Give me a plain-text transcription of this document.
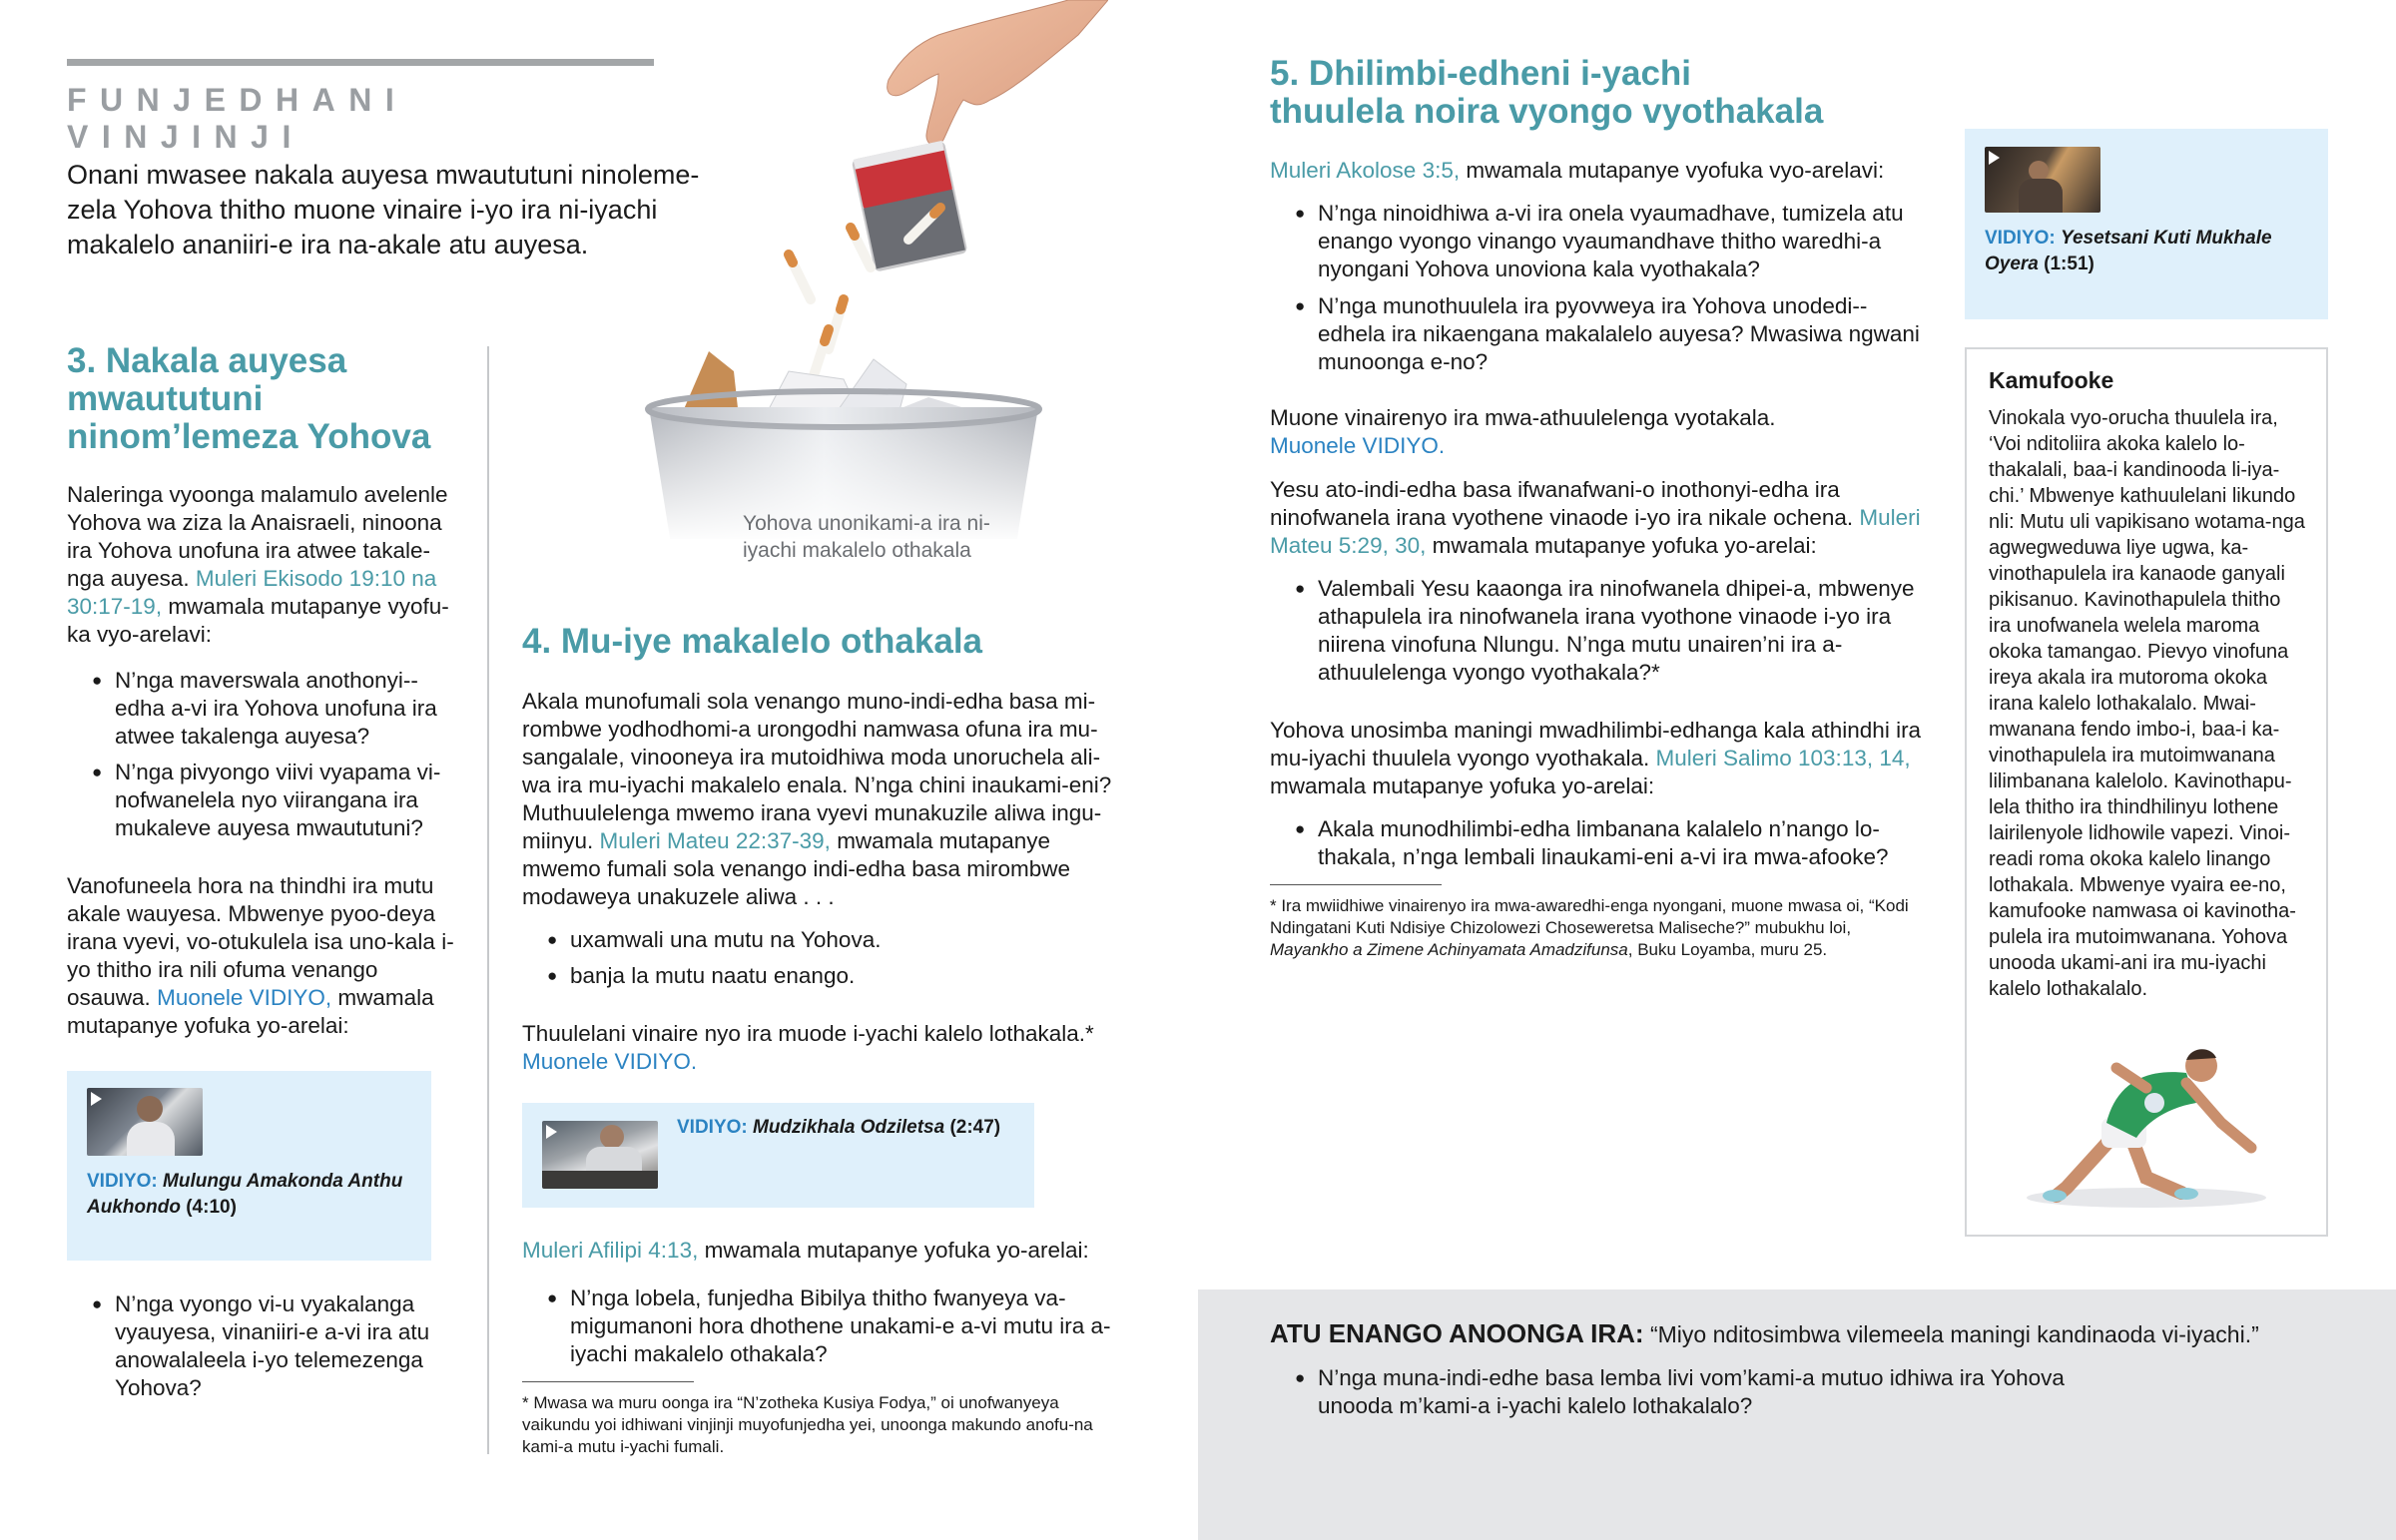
FUNJEDHANI VINJINJI

Onani mwasee nakala auyesa mwaututuni ninoleme-zela Yohova thitho muone vinaire i-yo ira ni-iyachi makalelo ananiiri-e ira na-akale atu auyesa.

Yohova unonikami-a ira ni-iyachi makalelo othakala
3. Nakala auyesa mwaututuni ninom’lemeza Yohova

Naleringa vyoonga malamulo avelenle Yohova wa ziza la Anaisraeli, ninoona ira Yohova unofuna ira atwee takale-nga auyesa. Muleri Ekisodo 19:10 na 30:17-19, mwamala mutapanye vyofu-ka vyo-arelavi:

● N’nga maverswala anothonyi--edha a-vi ira Yohova unofuna ira atwee takalenga auyesa?
● N’nga pivyongo viivi vyapama vi-nofwanelela nyo viirangana ira mukaleve auyesa mwaututuni?

Vanofuneela hora na thindhi ira mutu akale wauyesa. Mbwenye pyoo-deya irana vyevi, vo-otukulela isa uno-kala i-yo thitho ira nili ofuma venango osauwa. Muonele VIDIYO, mwamala mutapanye yofuka yo-arelai:

VIDIYO: Mulungu Amakonda Anthu Aukhondo (4:10)
● N’nga vyongo vi-u vyakalanga vyauyesa, vinaniiri-e a-vi ira atu anowalaleela i-yo telemezenga Yohova?
4. Mu-iye makalelo othakala

Akala munofumali sola venango muno-indi-edha basa mi-rombwe yodhodhomi-a urongodhi namwasa ofuna ira mu-sangalale, vinooneya ira mutoidhiwa moda unoruchela ali-wa ira mu-iyachi makalelo enala. N’nga chini inaukami-eni? Muthuulelenga mwemo irana vyevi munakuzile aliwa ingu-miinyu. Muleri Mateu 22:37-39, mwamala mutapanye mwemo fumali sola venango indi-edha basa mirombwe modaweya unakuzele aliwa . . .

● uxamwali una mutu na Yohova.
● banja la mutu naatu enango.

Thuulelani vinaire nyo ira muode i-yachi kalelo lothakala.*
Muonele VIDIYO.

VIDIYO: Mudzikhala Odziletsa (2:47)

Muleri Afilipi 4:13, mwamala mutapanye yofuka yo-arelai:

● N’nga lobela, funjedha Bibilya thitho fwanyeya va-migumanoni hora dhothene unakami-e a-vi mutu ira a-iyachi makalelo othakala?

* Mwasa wa muru oonga ira “N’zotheka Kusiya Fodya,” oi unofwanyeya vaikundu yoi idhiwani vinjinji muyofunjedha yei, unoonga makundo anofu-na kami-a mutu i-yachi fumali.

5. Dhilimbi-edheni i-yachi thuulela noira vyongo vyothakala

Muleri Akolose 3:5, mwamala mutapanye vyofuka vyo-arelavi:

● N’nga ninoidhiwa a-vi ira onela vyaumadhave, tumizela atu enango vyongo vinango vyaumandhave thitho waredhi-a nyongani Yohova unoviona kala vyothakala?
● N’nga munothuulela ira pyovweya ira Yohova unodedi--edhela ira nikaengana makalalelo auyesa? Mwasiwa ngwani munoonga e-no?

Muone vinairenyo ira mwa-athuulelenga vyotakala.
Muonele VIDIYO.

Yesu ato-indi-edha basa ifwanafwani-o inothonyi-edha ira ninofwanela irana vyothene vinaode i-yo ira nikale ochena. Muleri Mateu 5:29, 30, mwamala mutapanye yofuka yo-arelai:

● Valembali Yesu kaaonga ira ninofwanela dhipei-a, mbwenye athapulela ira ninofwanela irana vyothone vinaode i-yo ira niirena vinofuna Nlungu. N’nga mutu unairen’ni ira a-athuulelenga vyongo vyothakala?*

Yohova unosimba maningi mwadhilimbi-edhanga kala athindhi ira mu-iyachi thuulela vyongo vyothakala. Muleri Salimo 103:13, 14, mwamala mutapanye yofuka yo-arelai:

● Akala munodhilimbi-edha limbanana kalalelo n’nango lo-thakala, n’nga lembali linaukami-eni a-vi ira mwa-afooke?

* Ira mwiidhiwe vinairenyo ira mwa-awaredhi-enga nyongani, muone mwasa oi, “Kodi Ndingatani Kuti Ndisiye Chizolowezi Choseweretsa Maliseche?” mubukhu loi, Mayankho a Zimene Achinyamata Amadzifunsa, Buku Loyamba, muru 25.

VIDIYO: Yesetsani Kuti Mukhale Oyera (1:51)
Kamufooke

Vinokala vyo-orucha thuulela ira, ‘Voi nditoliira akoka kalelo lo-thakalali, baa-i kandinooda li-iya-chi.’ Mbwenye kathuulelani likundo nli: Mutu uli vapikisano wotama-nga agwegweduwa liye ugwa, ka-vinothapulela ira kanaode ganyali pikisanuo. Kavinothapulela thitho ira unofwanela welela maroma okoka tamangao. Pievyo vinofuna ireya akala ira mutoroma okoka irana kalelo lothakalalo. Mwai-mwanana fendo imbo-i, baa-i ka-vinothapulela ira mutoimwanana lilimbanana kalelolo. Kavinothapu-lela thitho ira thindhilinyu lothene lairilenyole lidhowile vapezi. Vinoi-readi roma okoka kalelo linango lothakala. Mbwenye vyaira ee-no, kamufooke namwasa oi kavinotha-pulela ira mutoimwanana. Yohova unooda ukami-ani ira mu-iyachi kalelo lothakalalo.

ATU ENANGO ANOONGA IRA: “Miyo nditosimbwa vilemeela maningi kandinaoda vi-iyachi.”

● N’nga muna-indi-edhe basa lemba livi vom’kami-a mutuo idhiwa ira Yohova unooda m’kami-a i-yachi kalelo lothakalalo?
